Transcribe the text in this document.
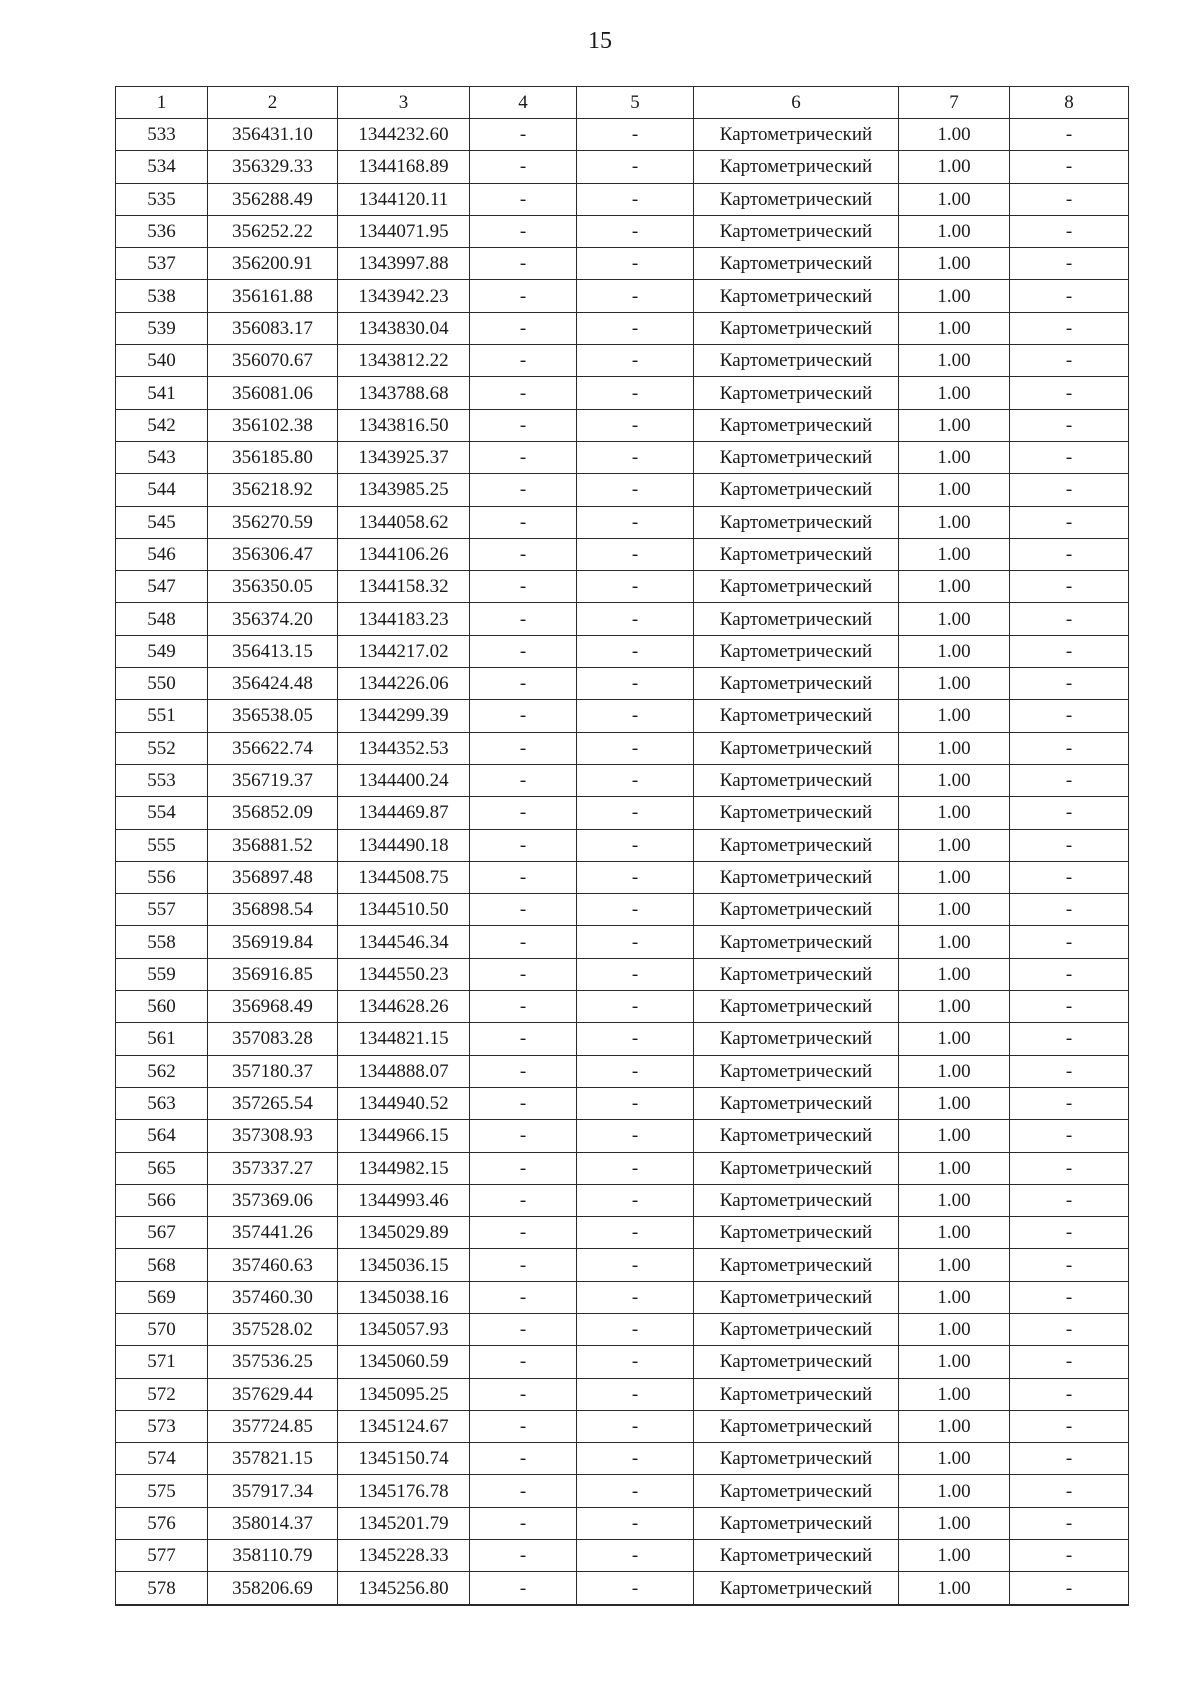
15
1	2	3	4	5	6	7	8
533	356431.10	1344232.60	-	-	Картометрический	1.00	-
534	356329.33	1344168.89	-	-	Картометрический	1.00	-
535	356288.49	1344120.11	-	-	Картометрический	1.00	-
536	356252.22	1344071.95	-	-	Картометрический	1.00	-
537	356200.91	1343997.88	-	-	Картометрический	1.00	-
538	356161.88	1343942.23	-	-	Картометрический	1.00	-
539	356083.17	1343830.04	-	-	Картометрический	1.00	-
540	356070.67	1343812.22	-	-	Картометрический	1.00	-
541	356081.06	1343788.68	-	-	Картометрический	1.00	-
542	356102.38	1343816.50	-	-	Картометрический	1.00	-
543	356185.80	1343925.37	-	-	Картометрический	1.00	-
544	356218.92	1343985.25	-	-	Картометрический	1.00	-
545	356270.59	1344058.62	-	-	Картометрический	1.00	-
546	356306.47	1344106.26	-	-	Картометрический	1.00	-
547	356350.05	1344158.32	-	-	Картометрический	1.00	-
548	356374.20	1344183.23	-	-	Картометрический	1.00	-
549	356413.15	1344217.02	-	-	Картометрический	1.00	-
550	356424.48	1344226.06	-	-	Картометрический	1.00	-
551	356538.05	1344299.39	-	-	Картометрический	1.00	-
552	356622.74	1344352.53	-	-	Картометрический	1.00	-
553	356719.37	1344400.24	-	-	Картометрический	1.00	-
554	356852.09	1344469.87	-	-	Картометрический	1.00	-
555	356881.52	1344490.18	-	-	Картометрический	1.00	-
556	356897.48	1344508.75	-	-	Картометрический	1.00	-
557	356898.54	1344510.50	-	-	Картометрический	1.00	-
558	356919.84	1344546.34	-	-	Картометрический	1.00	-
559	356916.85	1344550.23	-	-	Картометрический	1.00	-
560	356968.49	1344628.26	-	-	Картометрический	1.00	-
561	357083.28	1344821.15	-	-	Картометрический	1.00	-
562	357180.37	1344888.07	-	-	Картометрический	1.00	-
563	357265.54	1344940.52	-	-	Картометрический	1.00	-
564	357308.93	1344966.15	-	-	Картометрический	1.00	-
565	357337.27	1344982.15	-	-	Картометрический	1.00	-
566	357369.06	1344993.46	-	-	Картометрический	1.00	-
567	357441.26	1345029.89	-	-	Картометрический	1.00	-
568	357460.63	1345036.15	-	-	Картометрический	1.00	-
569	357460.30	1345038.16	-	-	Картометрический	1.00	-
570	357528.02	1345057.93	-	-	Картометрический	1.00	-
571	357536.25	1345060.59	-	-	Картометрический	1.00	-
572	357629.44	1345095.25	-	-	Картометрический	1.00	-
573	357724.85	1345124.67	-	-	Картометрический	1.00	-
574	357821.15	1345150.74	-	-	Картометрический	1.00	-
575	357917.34	1345176.78	-	-	Картометрический	1.00	-
576	358014.37	1345201.79	-	-	Картометрический	1.00	-
577	358110.79	1345228.33	-	-	Картометрический	1.00	-
578	358206.69	1345256.80	-	-	Картометрический	1.00	-
